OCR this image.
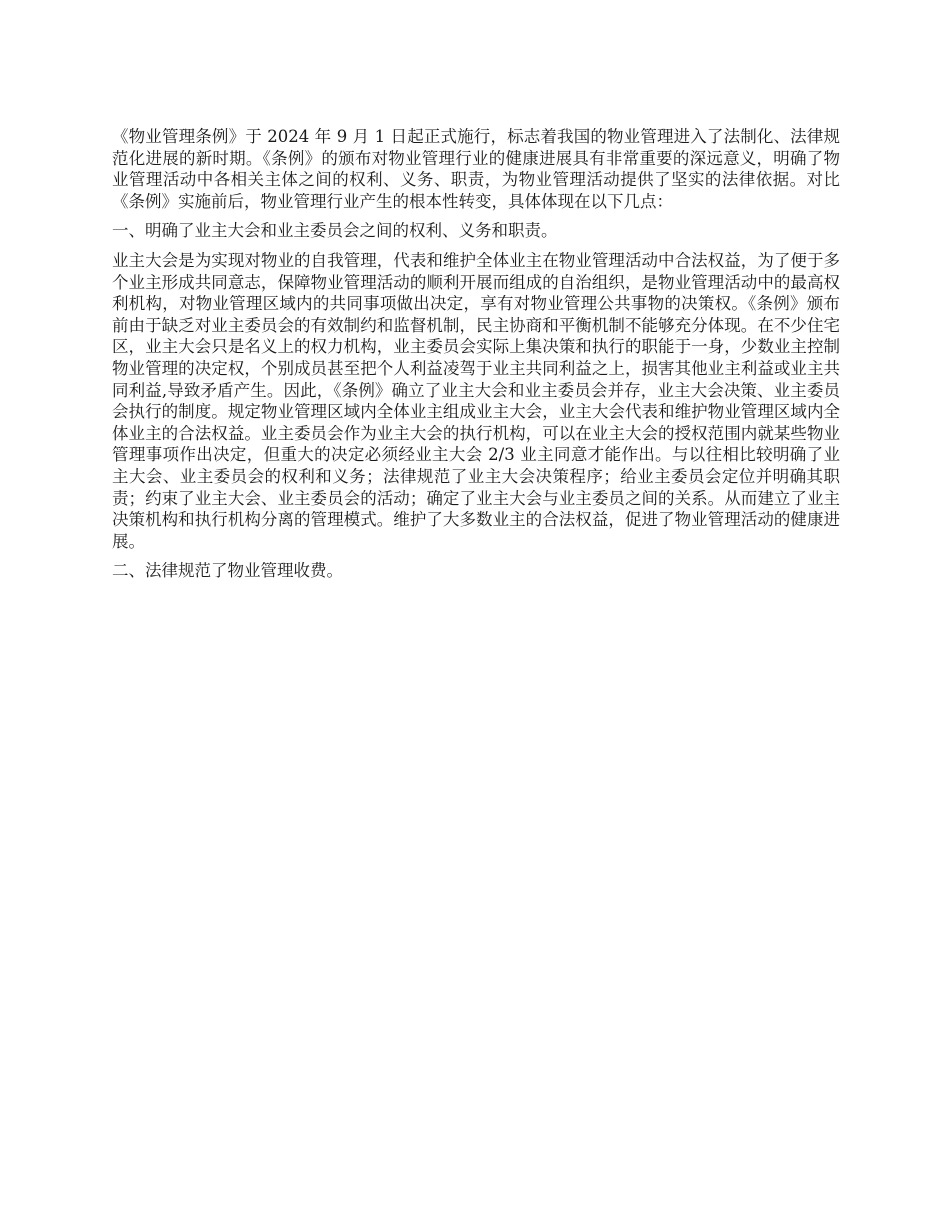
《物业管理条例》于 2024 年 9 月 1 日起正式施行，标志着我国的物业管理进入了法制化、法律规范化进展的新时期。《条例》的颁布对物业管理行业的健康进展具有非常重要的深远意义，明确了物业管理活动中各相关主体之间的权利、义务、职责，为物业管理活动提供了坚实的法律依据。对比《条例》实施前后，物业管理行业产生的根本性转变，具体体现在以下几点：

一、明确了业主大会和业主委员会之间的权利、义务和职责。

业主大会是为实现对物业的自我管理，代表和维护全体业主在物业管理活动中合法权益，为了便于多个业主形成共同意志，保障物业管理活动的顺利开展而组成的自治组织，是物业管理活动中的最高权利机构，对物业管理区域内的共同事项做出决定，享有对物业管理公共事物的决策权。《条例》颁布前由于缺乏对业主委员会的有效制约和监督机制，民主协商和平衡机制不能够充分体现。在不少住宅区，业主大会只是名义上的权力机构，业主委员会实际上集决策和执行的职能于一身，少数业主控制物业管理的决定权，个别成员甚至把个人利益凌驾于业主共同利益之上，损害其他业主利益或业主共同利益,导致矛盾产生。因此，《条例》确立了业主大会和业主委员会并存，业主大会决策、业主委员会执行的制度。规定物业管理区域内全体业主组成业主大会，业主大会代表和维护物业管理区域内全体业主的合法权益。业主委员会作为业主大会的执行机构，可以在业主大会的授权范围内就某些物业管理事项作出决定，但重大的决定必须经业主大会 2/3 业主同意才能作出。与以往相比较明确了业主大会、业主委员会的权利和义务；法律规范了业主大会决策程序；给业主委员会定位并明确其职责；约束了业主大会、业主委员会的活动；确定了业主大会与业主委员之间的关系。从而建立了业主决策机构和执行机构分离的管理模式。维护了大多数业主的合法权益，促进了物业管理活动的健康进展。

二、法律规范了物业管理收费。
